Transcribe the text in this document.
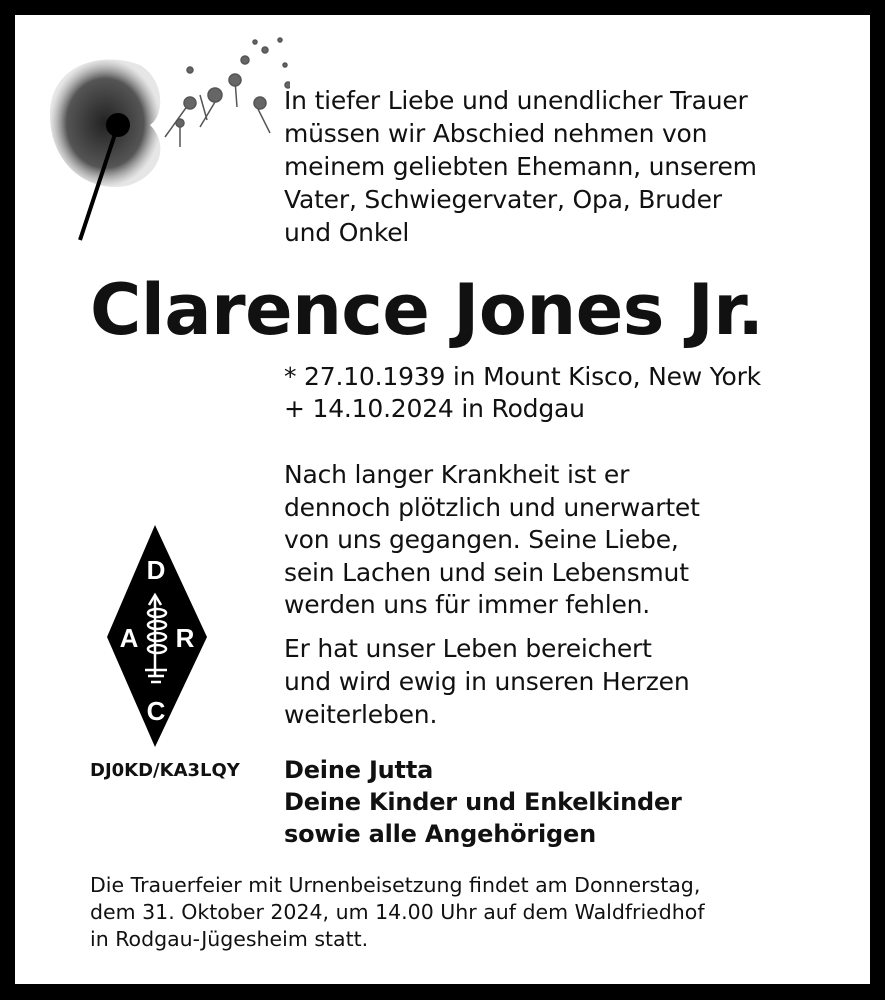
In tiefer Liebe und unendlicher Trauer
müssen wir Abschied nehmen von
meinem geliebten Ehemann, unserem
Vater, Schwiegervater, Opa, Bruder
und Onkel
Clarence Jones Jr.
* 27.10.1939 in Mount Kisco, New York
+ 14.10.2024 in Rodgau
Nach langer Krankheit ist er
dennoch plötzlich und unerwartet
von uns gegangen. Seine Liebe,
sein Lachen und sein Lebensmut
werden uns für immer fehlen.
Er hat unser Leben bereichert
und wird ewig in unseren Herzen
weiterleben.
D
A R
C
DJ0KD/KA3LQY Deine Jutta
Deine Kinder und Enkelkinder
sowie alle Angehörigen
Die Trauerfeier mit Urnenbeisetzung findet am Donnerstag,
dem 31. Oktober 2024, um 14.00 Uhr auf dem Waldfriedhof
in Rodgau-Jügesheim statt.
